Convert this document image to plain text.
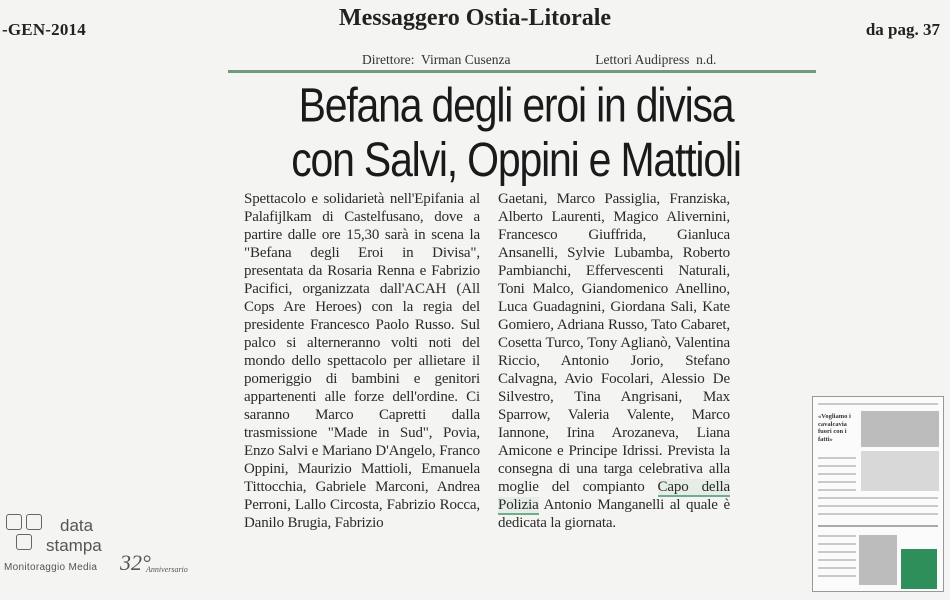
-GEN-2014	Messaggero Ostia-Litorale	da pag. 37
Direttore: Virman Cusenza	Lettori Audipress n.d.
Befana degli eroi in divisa
con Salvi, Oppini e Mattioli
Spettacolo e solidarietà nell'Epifania al Palafijlkam di Castelfusano, dove a partire dalle ore 15,30 sarà in scena la "Befana degli Eroi in Divisa", presentata da Rosaria Renna e Fabrizio Pacifici, organizzata dall'ACAH (All Cops Are Heroes) con la regia del presidente Francesco Paolo Russo. Sul palco si alterneranno volti noti del mondo dello spettacolo per allietare il pomeriggio di bambini e genitori appartenenti alle forze dell'ordine. Ci saranno Marco Capretti dalla trasmissione "Made in Sud", Povia, Enzo Salvi e Mariano D'Angelo, Franco Oppini, Maurizio Mattioli, Emanuela Tittocchia, Gabriele Marconi, Andrea Perroni, Lallo Circosta, Fabrizio Rocca, Danilo Brugia, Fabrizio
Gaetani, Marco Passiglia, Franziska, Alberto Laurenti, Magico Alivernini, Francesco Giuffrida, Gianluca Ansanelli, Sylvie Lubamba, Roberto Pambianchi, Effervescenti Naturali, Toni Malco, Giandomenico Anellino, Luca Guadagnini, Giordana Sali, Kate Gomiero, Adriana Russo, Tato Cabaret, Cosetta Turco, Tony Aglianò, Valentina Riccio, Antonio Jorio, Stefano Calvagna, Avio Focolari, Alessio De Silvestro, Tina Angrisani, Max Sparrow, Valeria Valente, Marco Iannone, Irina Arozaneva, Liana Amicone e Principe Idrissi. Prevista la consegna di una targa celebrativa alla moglie del compianto Capo della Polizia Antonio Manganelli al quale è dedicata la giornata.
data
stampa
Monitoraggio Media 32°
Anniversario
«Vogliamo i cavalcavia fuori con i fatti»
